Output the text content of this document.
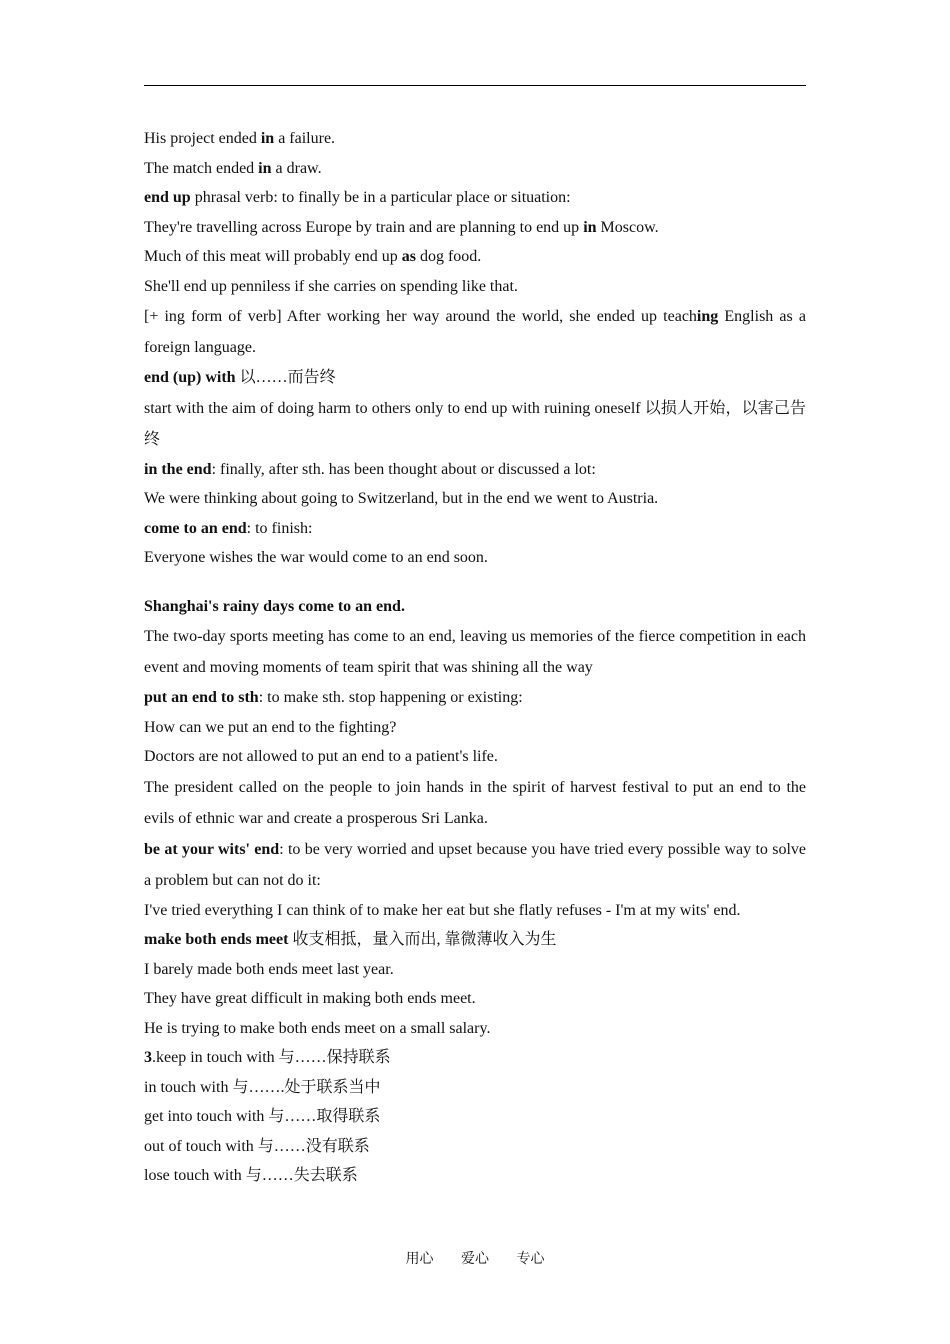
His project ended in a failure.

The match ended in a draw.

end up phrasal verb: to finally be in a particular place or situation:

They're travelling across Europe by train and are planning to end up in Moscow.

Much of this meat will probably end up as dog food.

She'll end up penniless if she carries on spending like that.

[+ ing form of verb] After working her way around the world, she ended up teaching English as a foreign language.

end (up) with 以……而告终

start with the aim of doing harm to others only to end up with ruining oneself 以损人开始，以害己告终

in the end: finally, after sth. has been thought about or discussed a lot:

We were thinking about going to Switzerland, but in the end we went to Austria.

come to an end: to finish:

Everyone wishes the war would come to an end soon.

Shanghai's rainy days come to an end.

The two-day sports meeting has come to an end, leaving us memories of the fierce competition in each event and moving moments of team spirit that was shining all the way

put an end to sth: to make sth. stop happening or existing:

How can we put an end to the fighting?

Doctors are not allowed to put an end to a patient's life.

The president called on the people to join hands in the spirit of harvest festival to put an end to the evils of ethnic war and create a prosperous Sri Lanka.

be at your wits' end: to be very worried and upset because you have tried every possible way to solve a problem but can not do it:

I've tried everything I can think of to make her eat but she flatly refuses - I'm at my wits' end.

make both ends meet 收支相抵，量入而出, 靠微薄收入为生

I barely made both ends meet last year.

They have great difficult in making both ends meet.

He is trying to make both ends meet on a small salary.

3.keep in touch with 与……保持联系

in touch with 与…….处于联系当中

get into touch with 与……取得联系

out of touch with 与……没有联系

lose touch with 与……失去联系

用心 爱心 专心
